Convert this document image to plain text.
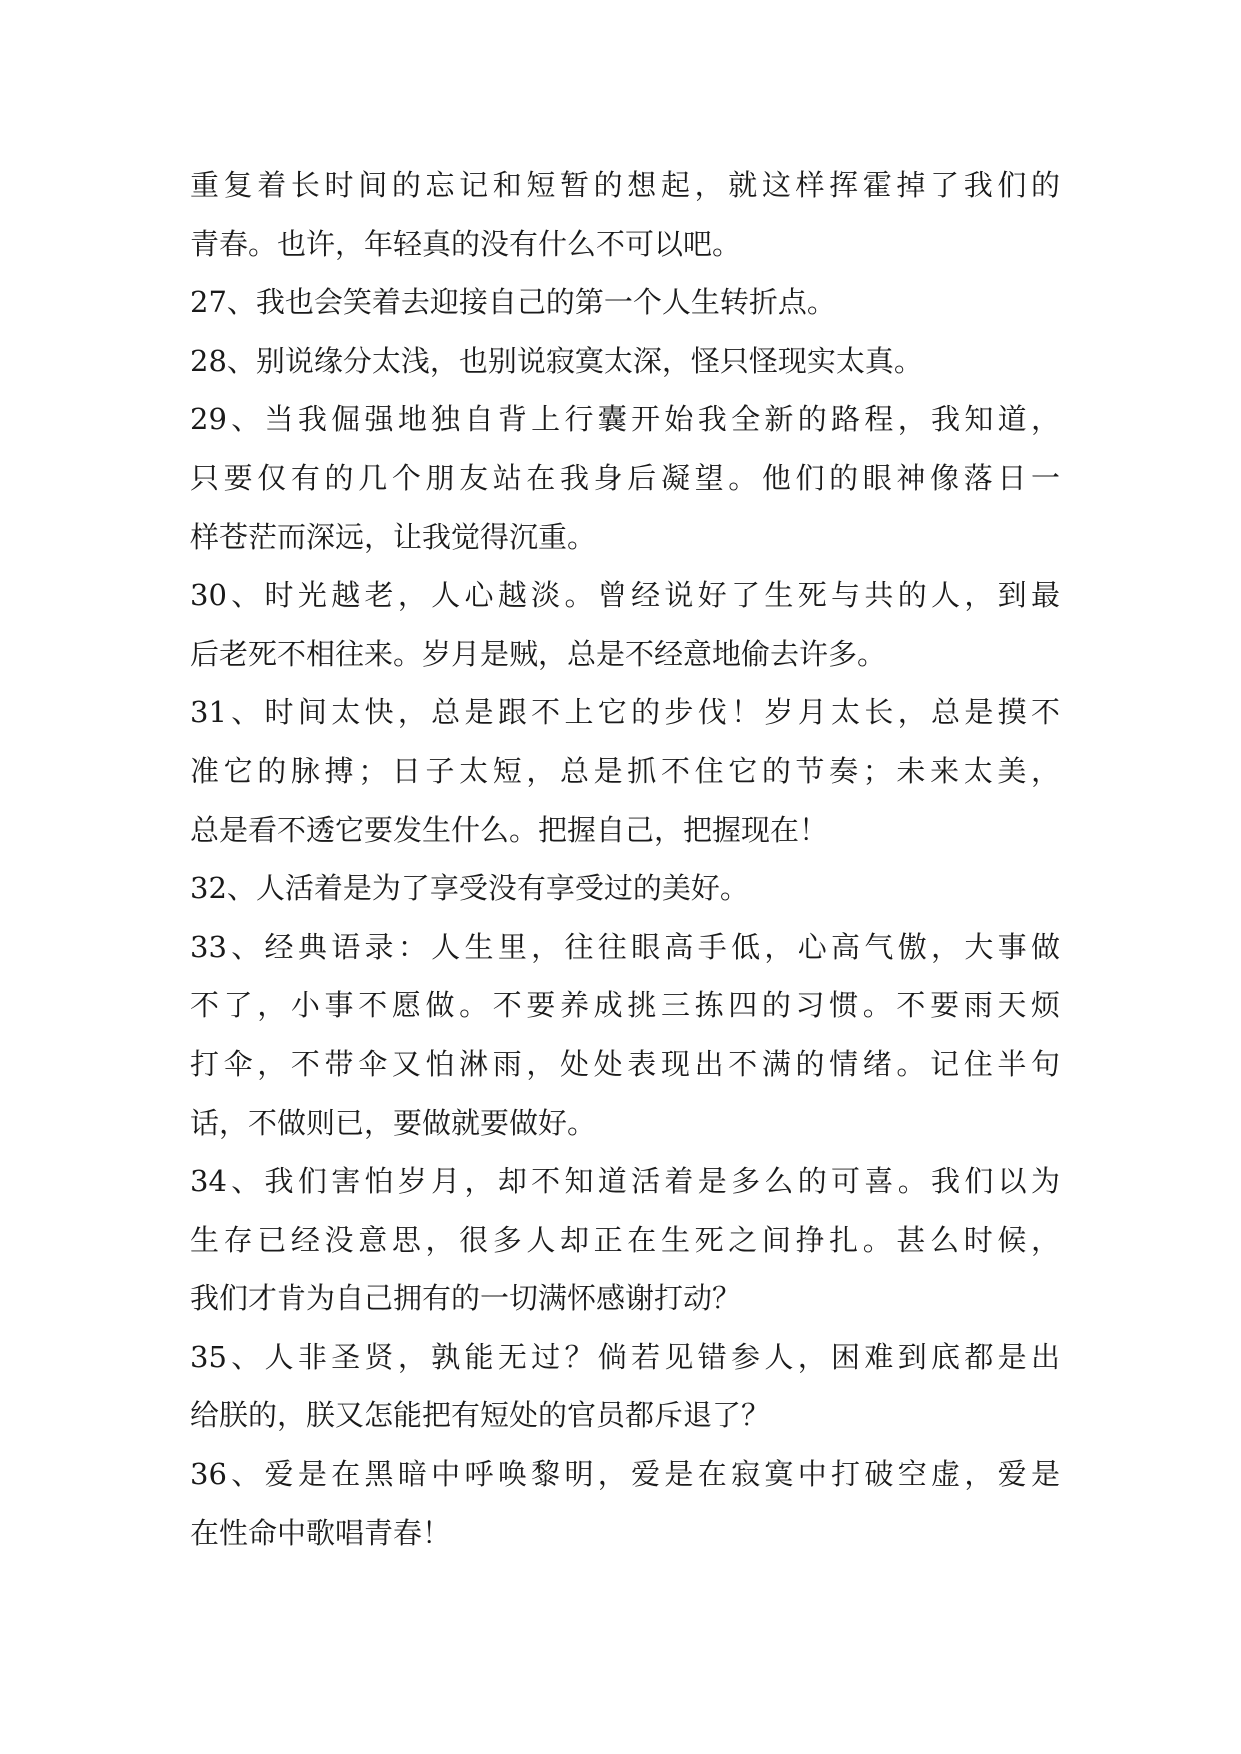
重复着长时间的忘记和短暂的想起，就这样挥霍掉了我们的
青春。也许，年轻真的没有什么不可以吧。
27、我也会笑着去迎接自己的第一个人生转折点。
28、别说缘分太浅，也别说寂寞太深，怪只怪现实太真。
29、当我倔强地独自背上行囊开始我全新的路程，我知道，
只要仅有的几个朋友站在我身后凝望。他们的眼神像落日一
样苍茫而深远，让我觉得沉重。
30、时光越老，人心越淡。曾经说好了生死与共的人，到最
后老死不相往来。岁月是贼，总是不经意地偷去许多。
31、时间太快，总是跟不上它的步伐！岁月太长，总是摸不
准它的脉搏；日子太短，总是抓不住它的节奏；未来太美，
总是看不透它要发生什么。把握自己，把握现在！
32、人活着是为了享受没有享受过的美好。
33、经典语录：人生里，往往眼高手低，心高气傲，大事做
不了，小事不愿做。不要养成挑三拣四的习惯。不要雨天烦
打伞，不带伞又怕淋雨，处处表现出不满的情绪。记住半句
话，不做则已，要做就要做好。
34、我们害怕岁月，却不知道活着是多么的可喜。我们以为
生存已经没意思，很多人却正在生死之间挣扎。甚么时候，
我们才肯为自己拥有的一切满怀感谢打动？
35、人非圣贤，孰能无过？倘若见错参人，困难到底都是出
给朕的，朕又怎能把有短处的官员都斥退了？
36、爱是在黑暗中呼唤黎明，爱是在寂寞中打破空虚，爱是
在性命中歌唱青春！
